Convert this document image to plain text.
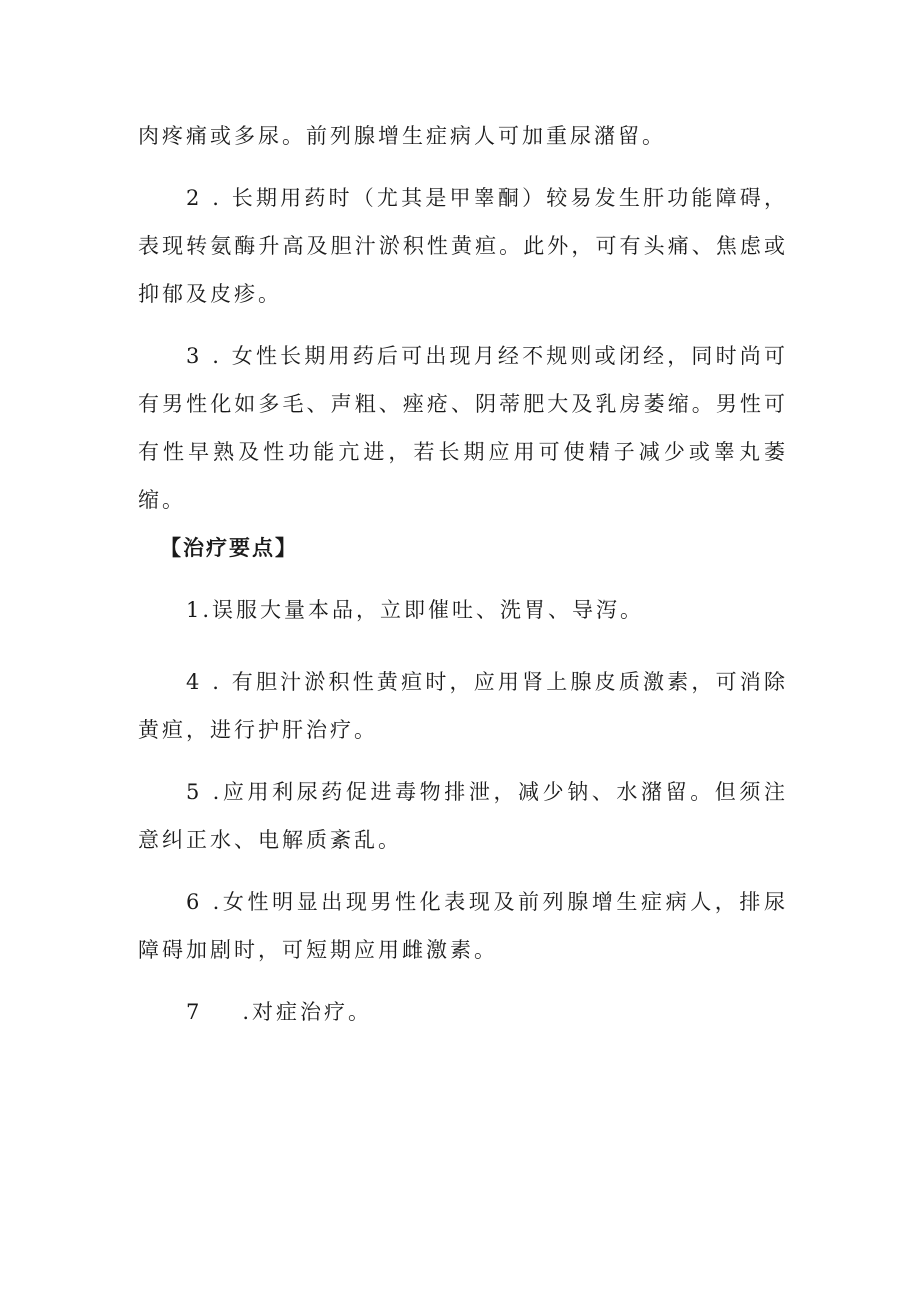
肉疼痛或多尿。前列腺增生症病人可加重尿潴留。

2 . 长期用药时（尤其是甲睾酮）较易发生肝功能障碍，表现转氨酶升高及胆汁淤积性黄疸。此外，可有头痛、焦虑或抑郁及皮疹。

3 . 女性长期用药后可出现月经不规则或闭经，同时尚可有男性化如多毛、声粗、痤疮、阴蒂肥大及乳房萎缩。男性可有性早熟及性功能亢进，若长期应用可使精子减少或睾丸萎缩。

【治疗要点】

1.误服大量本品，立即催吐、洗胃、导泻。

4 . 有胆汁淤积性黄疸时，应用肾上腺皮质激素，可消除黄疸，进行护肝治疗。

5 .应用利尿药促进毒物排泄，减少钠、水潴留。但须注意纠正水、电解质紊乱。

6 .女性明显出现男性化表现及前列腺增生症病人，排尿障碍加剧时，可短期应用雌激素。

7 .对症治疗。
